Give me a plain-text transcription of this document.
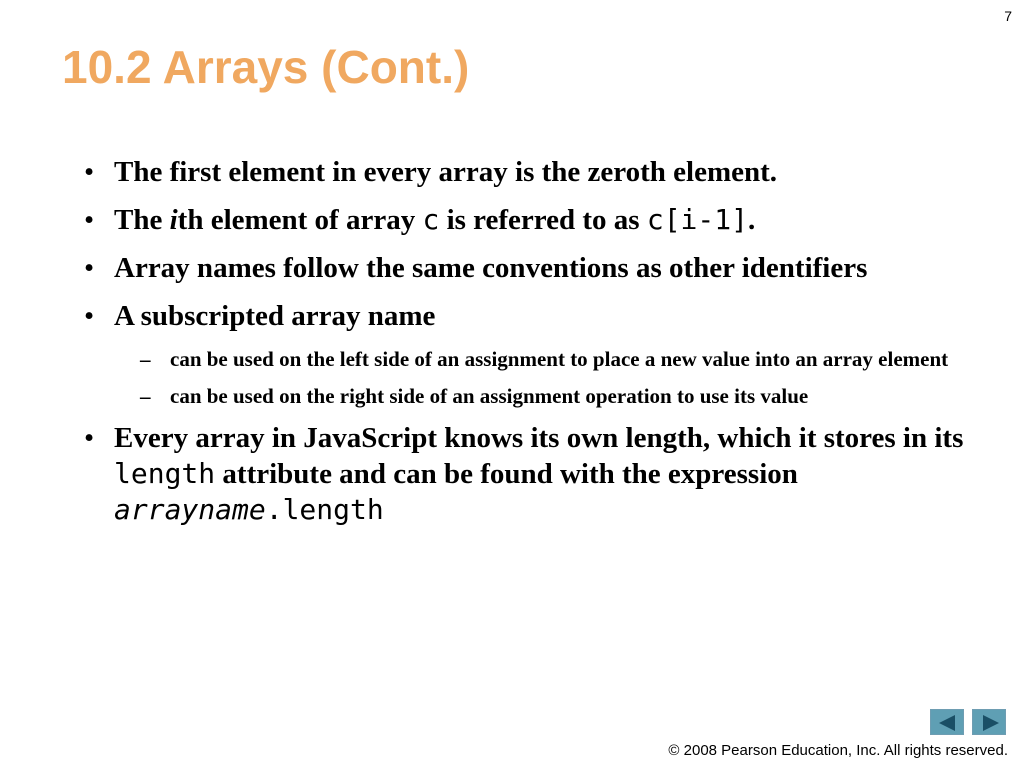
7
10.2 Arrays (Cont.)
• The first element in every array is the zeroth element.
• The ith element of array c is referred to as c[i-1].
• Array names follow the same conventions as other identifiers
• A subscripted array name
– can be used on the left side of an assignment to place a new value into an array element
– can be used on the right side of an assignment operation to use its value
• Every array in JavaScript knows its own length, which it stores in its length attribute and can be found with the expression arrayname.length
© 2008 Pearson Education, Inc. All rights reserved.
